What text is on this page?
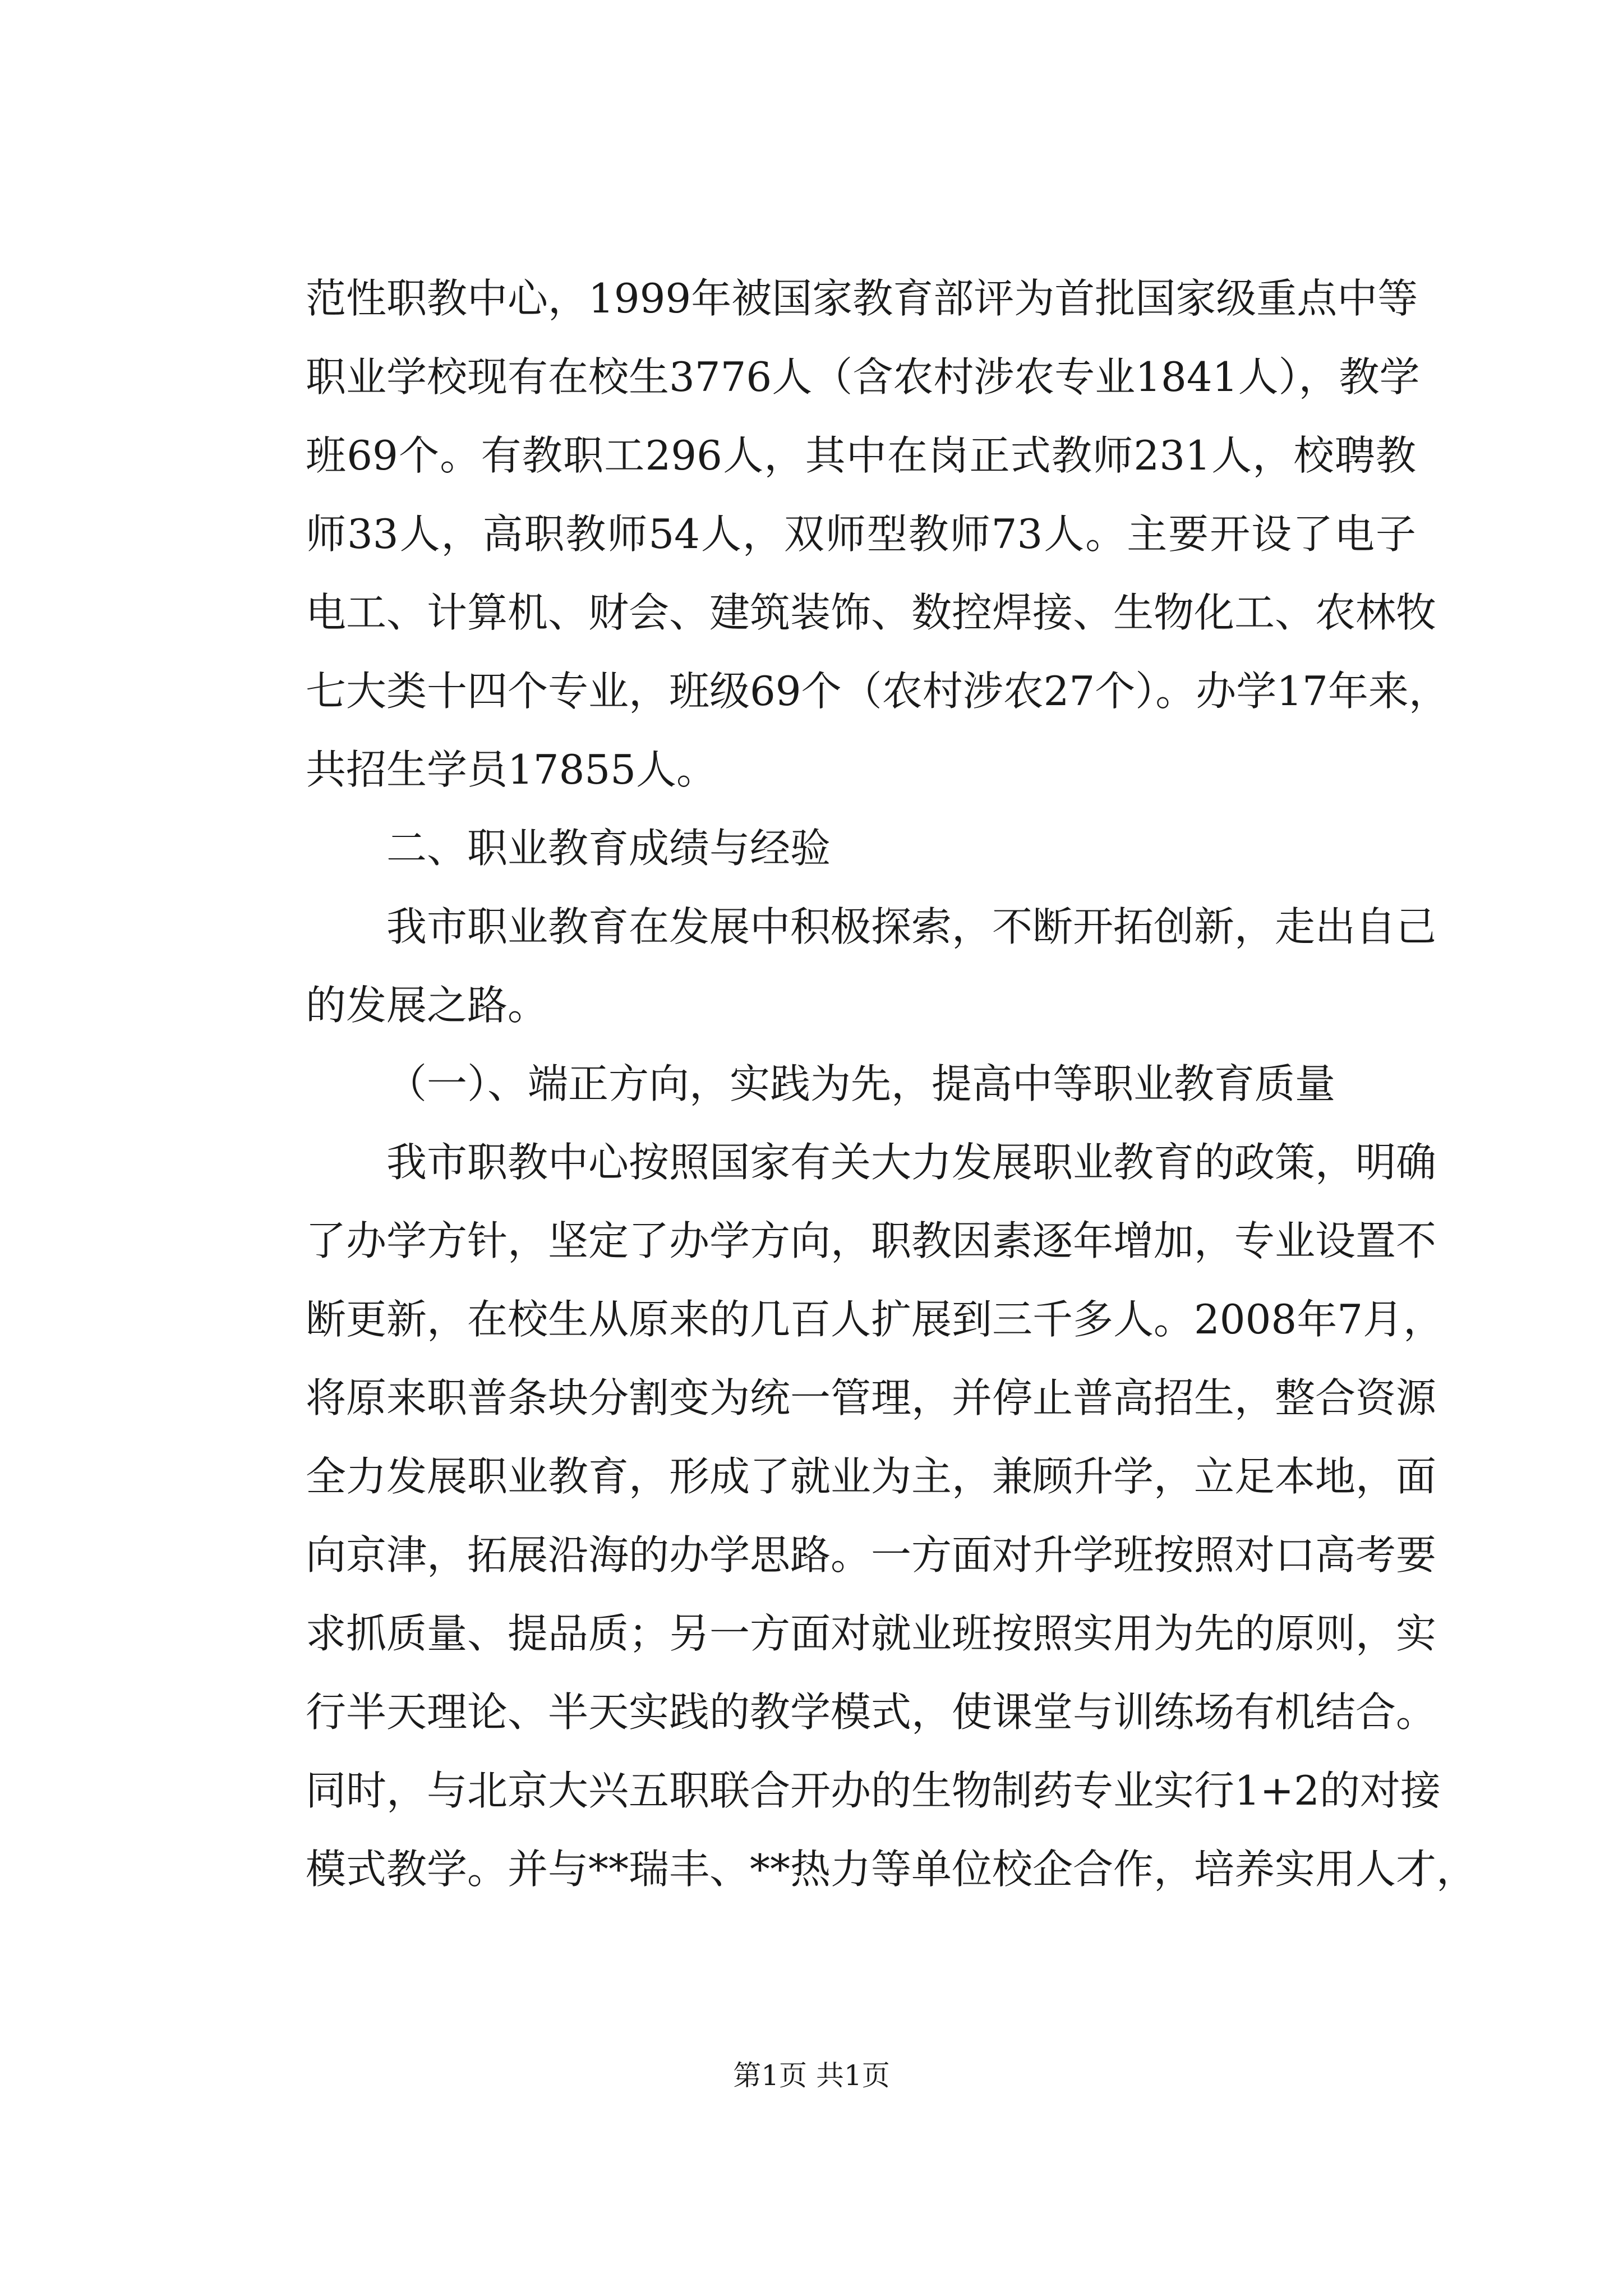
范性职教中心，1999年被国家教育部评为首批国家级重点中等
职业学校现有在校生3776人（含农村涉农专业1841人），教学
班69个。有教职工296人，其中在岗正式教师231人，校聘教
师33人，高职教师54人，双师型教师73人。主要开设了电子
电工、计算机、财会、建筑装饰、数控焊接、生物化工、农林牧
七大类十四个专业，班级69个（农村涉农27个）。办学17年来，
共招生学员17855人。
二、职业教育成绩与经验
我市职业教育在发展中积极探索，不断开拓创新，走出自己
的发展之路。
（一）、端正方向，实践为先，提高中等职业教育质量
我市职教中心按照国家有关大力发展职业教育的政策，明确
了办学方针，坚定了办学方向，职教因素逐年增加，专业设置不
断更新，在校生从原来的几百人扩展到三千多人。2008年7月，
将原来职普条块分割变为统一管理，并停止普高招生，整合资源
全力发展职业教育，形成了就业为主，兼顾升学，立足本地，面
向京津，拓展沿海的办学思路。一方面对升学班按照对口高考要
求抓质量、提品质；另一方面对就业班按照实用为先的原则，实
行半天理论、半天实践的教学模式，使课堂与训练场有机结合。
同时，与北京大兴五职联合开办的生物制药专业实行1+2的对接
模式教学。并与**瑞丰、**热力等单位校企合作，培养实用人才，
第1页 共1页
